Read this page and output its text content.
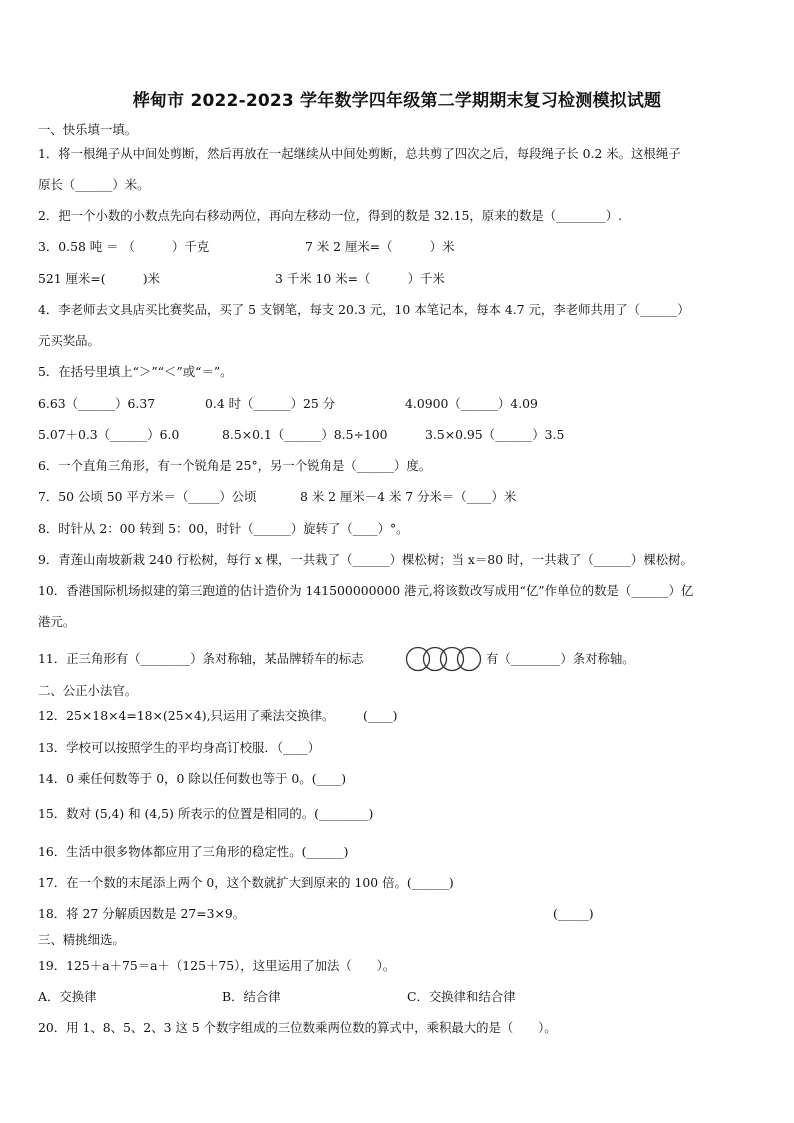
桦甸市 2022-2023 学年数学四年级第二学期期末复习检测模拟试题
一、快乐填一填。
1．将一根绳子从中间处剪断，然后再放在一起继续从中间处剪断，总共剪了四次之后，每段绳子长 0.2 米。这根绳子
原长（______）米。
2．把一个小数的小数点先向右移动两位，再向左移动一位，得到的数是 32.15，原来的数是（________）.
3．0.58 吨 ＝ （　　　）千克	7 米 2 厘米=（　　　）米
521 厘米=(　　　)米	3 千米 10 米=（　　　）千米
4．李老师去文具店买比赛奖品，买了 5 支钢笔，每支 20.3 元，10 本笔记本，每本 4.7 元，李老师共用了（______）
元买奖品。
5．在括号里填上“＞”“＜”或“＝”。
6.63（______）6.37	0.4 时（______）25 分	4.0900（______）4.09
5.07＋0.3（______）6.0	8.5×0.1（______）8.5÷100	3.5×0.95（______）3.5
6．一个直角三角形，有一个锐角是 25°，另一个锐角是（______）度。
7．50 公顷 50 平方米＝（_____）公顷	8 米 2 厘米－4 米 7 分米＝（____）米
8．时针从 2：00 转到 5：00，时针（______）旋转了（____）°。
9．青莲山南坡新栽 240 行松树，每行 x 棵，一共栽了（______）棵松树；当 x＝80 时，一共栽了（______）棵松树。
10．香港国际机场拟建的第三跑道的估计造价为 141500000000 港元,将该数改写成用“亿”作单位的数是（______）亿
港元。
11．正三角形有（________）条对称轴，某品牌轿车的标志	有（________）条对称轴。
二、公正小法官。
12．25×18×4=18×(25×4),只运用了乘法交换律。 (____)
13．学校可以按照学生的平均身高订校服．（____）
14．0 乘任何数等于 0，0 除以任何数也等于 0。(____)
15．数对 (5,4) 和 (4,5) 所表示的位置是相同的。(________)
16．生活中很多物体都应用了三角形的稳定性。(______)
17．在一个数的末尾添上两个 0，这个数就扩大到原来的 100 倍。(______)
18．将 27 分解质因数是 27=3×9。	(_____)
三、精挑细选。
19．125＋a＋75＝a＋（125＋75），这里运用了加法（　　）。
A．交换律	B．结合律	C．交换律和结合律
20．用 1、8、5、2、3 这 5 个数字组成的三位数乘两位数的算式中，乘积最大的是（　　）。
